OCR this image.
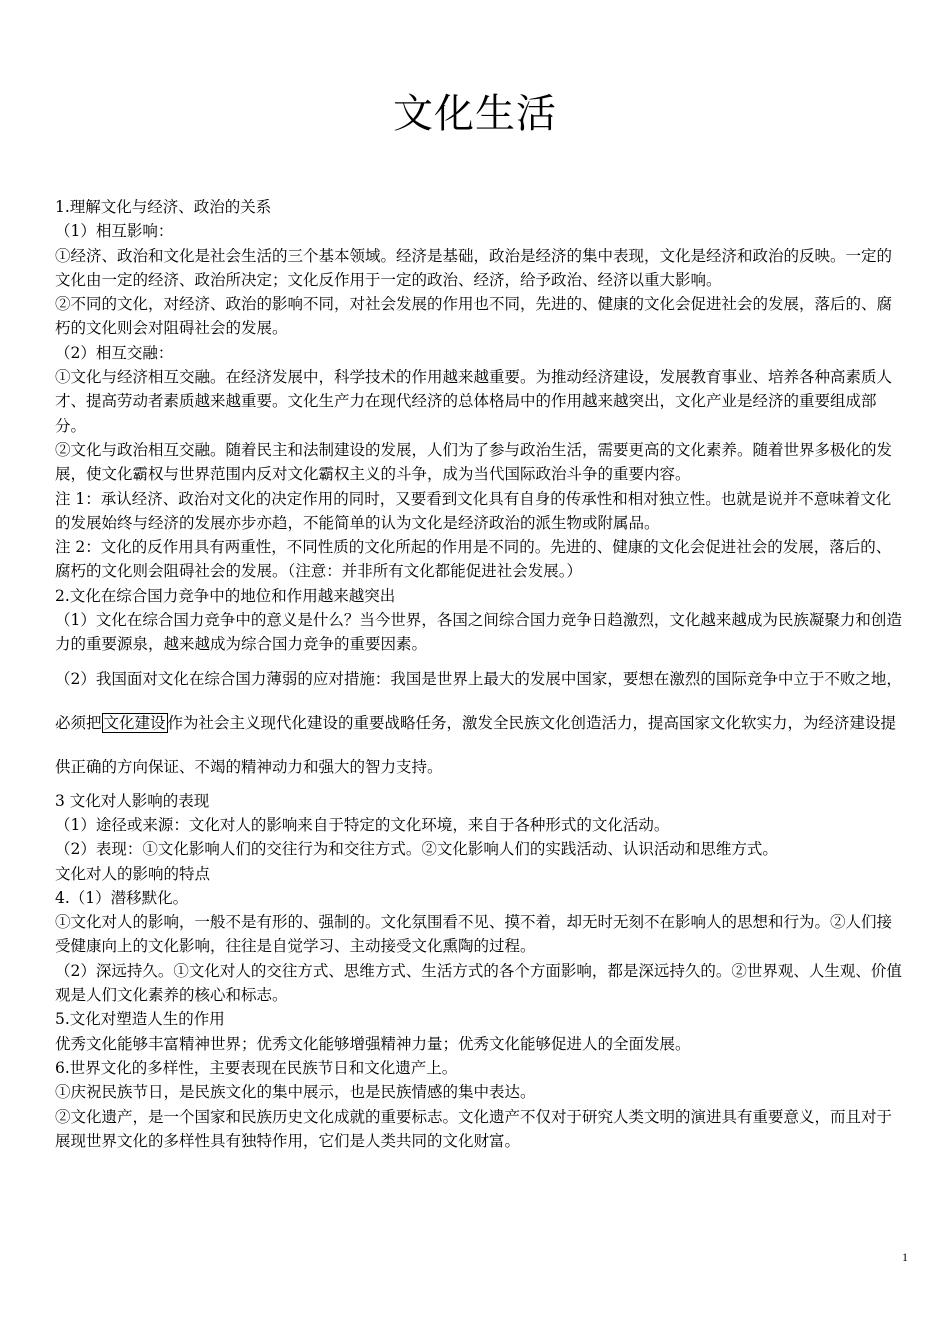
文化生活

1.理解文化与经济、政治的关系

（1）相互影响：

①经济、政治和文化是社会生活的三个基本领域。经济是基础，政治是经济的集中表现，文化是经济和政治的反映。一定的文化由一定的经济、政治所决定；文化反作用于一定的政治、经济，给予政治、经济以重大影响。

②不同的文化，对经济、政治的影响不同，对社会发展的作用也不同，先进的、健康的文化会促进社会的发展，落后的、腐朽的文化则会对阻碍社会的发展。

（2）相互交融：

①文化与经济相互交融。在经济发展中，科学技术的作用越来越重要。为推动经济建设，发展教育事业、培养各种高素质人才、提高劳动者素质越来越重要。文化生产力在现代经济的总体格局中的作用越来越突出，文化产业是经济的重要组成部分。

②文化与政治相互交融。随着民主和法制建设的发展，人们为了参与政治生活，需要更高的文化素养。随着世界多极化的发展，使文化霸权与世界范围内反对文化霸权主义的斗争，成为当代国际政治斗争的重要内容。

注 1：承认经济、政治对文化的决定作用的同时，又要看到文化具有自身的传承性和相对独立性。也就是说并不意味着文化的发展始终与经济的发展亦步亦趋，不能简单的认为文化是经济政治的派生物或附属品。

注 2：文化的反作用具有两重性，不同性质的文化所起的作用是不同的。先进的、健康的文化会促进社会的发展，落后的、腐朽的文化则会阻碍社会的发展。（注意：并非所有文化都能促进社会发展。）

2.文化在综合国力竞争中的地位和作用越来越突出

（1）文化在综合国力竞争中的意义是什么？当今世界，各国之间综合国力竞争日趋激烈，文化越来越成为民族凝聚力和创造力的重要源泉，越来越成为综合国力竞争的重要因素。

（2）我国面对文化在综合国力薄弱的应对措施：我国是世界上最大的发展中国家，要想在激烈的国际竞争中立于不败之地，必须把 文化建设 作为社会主义现代化建设的重要战略任务，激发全民族文化创造活力，提高国家文化软实力，为经济建设提供正确的方向保证、不竭的精神动力和强大的智力支持。

3 文化对人影响的表现

（1）途径或来源：文化对人的影响来自于特定的文化环境，来自于各种形式的文化活动。

（2）表现：①文化影响人们的交往行为和交往方式。②文化影响人们的实践活动、认识活动和思维方式。

文化对人的影响的特点

4.（1）潜移默化。

①文化对人的影响，一般不是有形的、强制的。文化氛围看不见、摸不着，却无时无刻不在影响人的思想和行为。②人们接受健康向上的文化影响，往往是自觉学习、主动接受文化熏陶的过程。

（2）深远持久。①文化对人的交往方式、思维方式、生活方式的各个方面影响，都是深远持久的。②世界观、人生观、价值观是人们文化素养的核心和标志。

5.文化对塑造人生的作用

优秀文化能够丰富精神世界；优秀文化能够增强精神力量；优秀文化能够促进人的全面发展。

6.世界文化的多样性，主要表现在民族节日和文化遗产上。

①庆祝民族节日，是民族文化的集中展示，也是民族情感的集中表达。

②文化遗产，是一个国家和民族历史文化成就的重要标志。文化遗产不仅对于研究人类文明的演进具有重要意义，而且对于展现世界文化的多样性具有独特作用，它们是人类共同的文化财富。

1
